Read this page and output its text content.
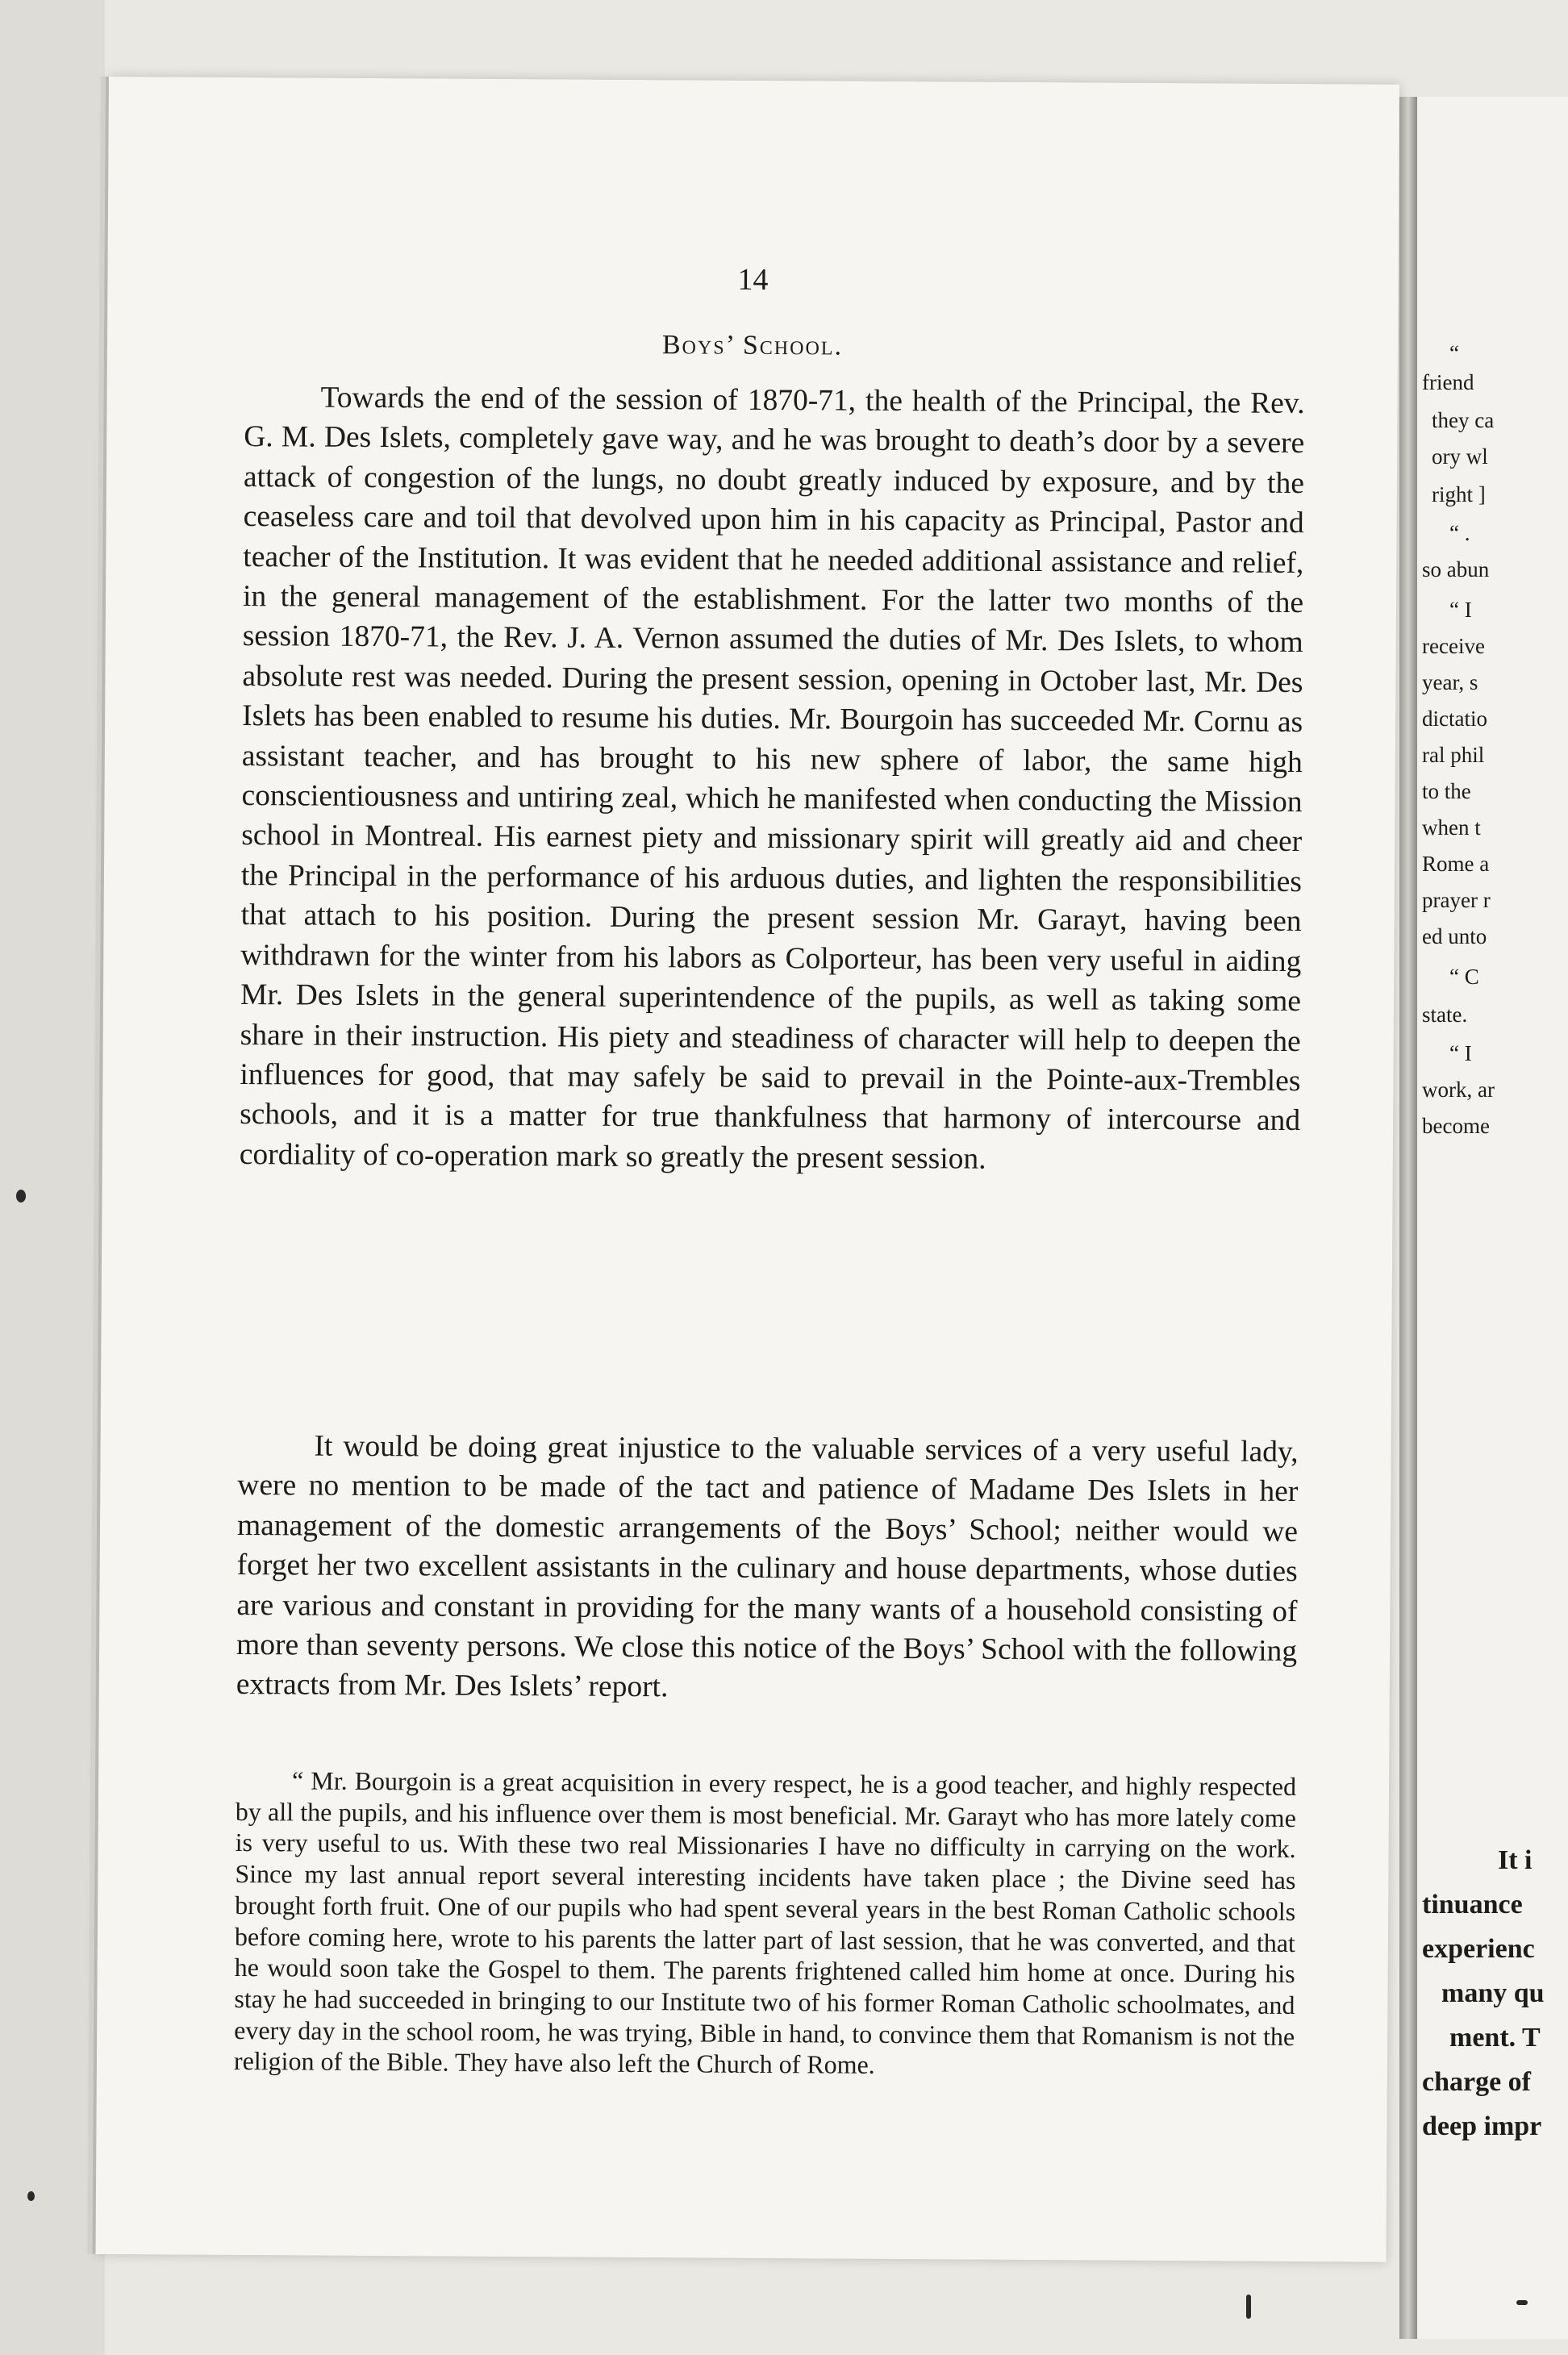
14
Boys’ School.

Towards the end of the session of 1870-71, the health of the Principal, the Rev. G. M. Des Islets, completely gave way, and he was brought to death’s door by a severe attack of congestion of the lungs, no doubt greatly induced by exposure, and by the ceaseless care and toil that devolved upon him in his capacity as Principal, Pastor and teacher of the Institution. It was evident that he needed additional assistance and relief, in the general management of the establishment. For the latter two months of the session 1870-71, the Rev. J. A. Vernon assumed the duties of Mr. Des Islets, to whom absolute rest was needed. During the present session, opening in October last, Mr. Des Islets has been enabled to resume his duties. Mr. Bourgoin has succeeded Mr. Cornu as assistant teacher, and has brought to his new sphere of labor, the same high conscientiousness and untiring zeal, which he manifested when conducting the Mission school in Montreal. His earnest piety and missionary spirit will greatly aid and cheer the Principal in the performance of his arduous duties, and lighten the responsibilities that attach to his position. During the present session Mr. Garayt, having been withdrawn for the winter from his labors as Colporteur, has been very useful in aiding Mr. Des Islets in the general superintendence of the pupils, as well as taking some share in their instruction. His piety and steadiness of character will help to deepen the influences for good, that may safely be said to prevail in the Pointe-aux-Trembles schools, and it is a matter for true thankfulness that harmony of intercourse and cordiality of co-operation mark so greatly the present session.

It would be doing great injustice to the valuable services of a very useful lady, were no mention to be made of the tact and patience of Madame Des Islets in her management of the domestic arrangements of the Boys’ School; neither would we forget her two excellent assistants in the culinary and house departments, whose duties are various and constant in providing for the many wants of a household consisting of more than seventy persons. We close this notice of the Boys’ School with the following extracts from Mr. Des Islets’ report.

“ Mr. Bourgoin is a great acquisition in every respect, he is a good teacher, and highly respected by all the pupils, and his influence over them is most beneficial. Mr. Garayt who has more lately come is very useful to us. With these two real Missionaries I have no difficulty in carrying on the work. Since my last annual report several interesting incidents have taken place ; the Divine seed has brought forth fruit. One of our pupils who had spent several years in the best Roman Catholic schools before coming here, wrote to his parents the latter part of last session, that he was converted, and that he would soon take the Gospel to them. The parents frightened called him home at once. During his stay he had succeeded in bringing to our Institute two of his former Roman Catholic schoolmates, and every day in the school room, he was trying, Bible in hand, to convince them that Romanism is not the religion of the Bible. They have also left the Church of Rome.

“
friend
they ca
ory wl
right ]
“ .
so abun
“ I
receive
year, s
dictatio
ral phil
to the
when t
Rome a
prayer r
ed unto
“ C
state.
“ I
work, ar
become
It i
tinuance
experienc
many qu
ment. T
charge of
deep impr
